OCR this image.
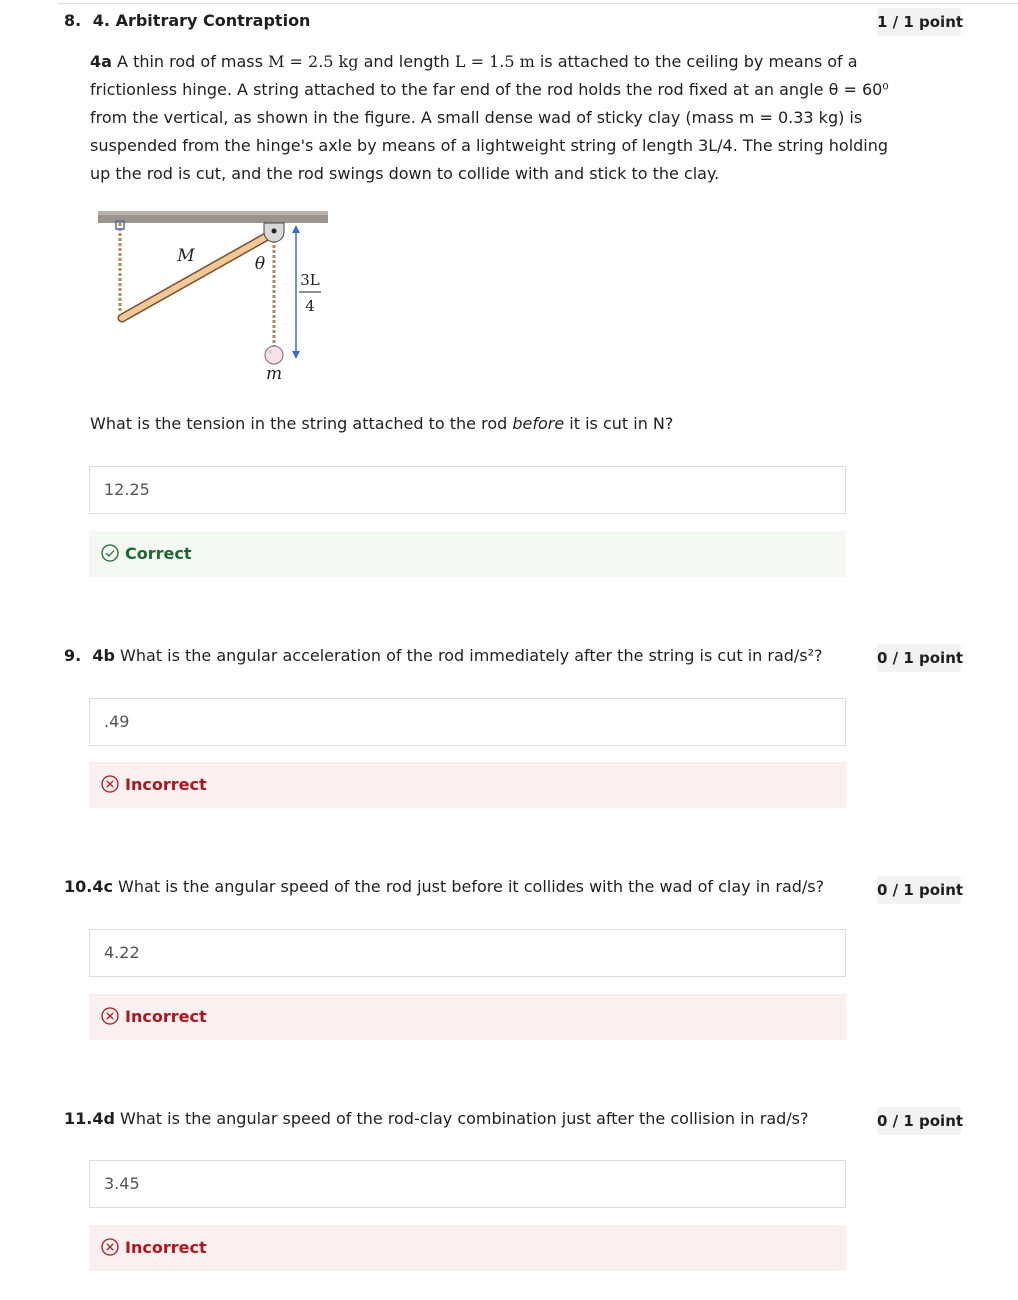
8. 4. Arbitrary Contraption	1 / 1 point
4a A thin rod of mass M = 2.5 kg and length L = 1.5 m is attached to the ceiling by means of a
frictionless hinge. A string attached to the far end of the rod holds the rod fixed at an angle θ = 60⁰
from the vertical, as shown in the figure. A small dense wad of sticky clay (mass m = 0.33 kg) is
suspended from the hinge's axle by means of a lightweight string of length 3L/4. The string holding
up the rod is cut, and the rod swings down to collide with and stick to the clay.
M	θ
3L
4
m
What is the tension in the string attached to the rod before it is cut in N?
12.25
Correct
9. 4b What is the angular acceleration of the rod immediately after the string is cut in rad/s²?	0 / 1 point
.49
Incorrect
10.4c What is the angular speed of the rod just before it collides with the wad of clay in rad/s?	0 / 1 point
4.22
Incorrect
11.4d What is the angular speed of the rod-clay combination just after the collision in rad/s?	0 / 1 point
3.45
Incorrect
